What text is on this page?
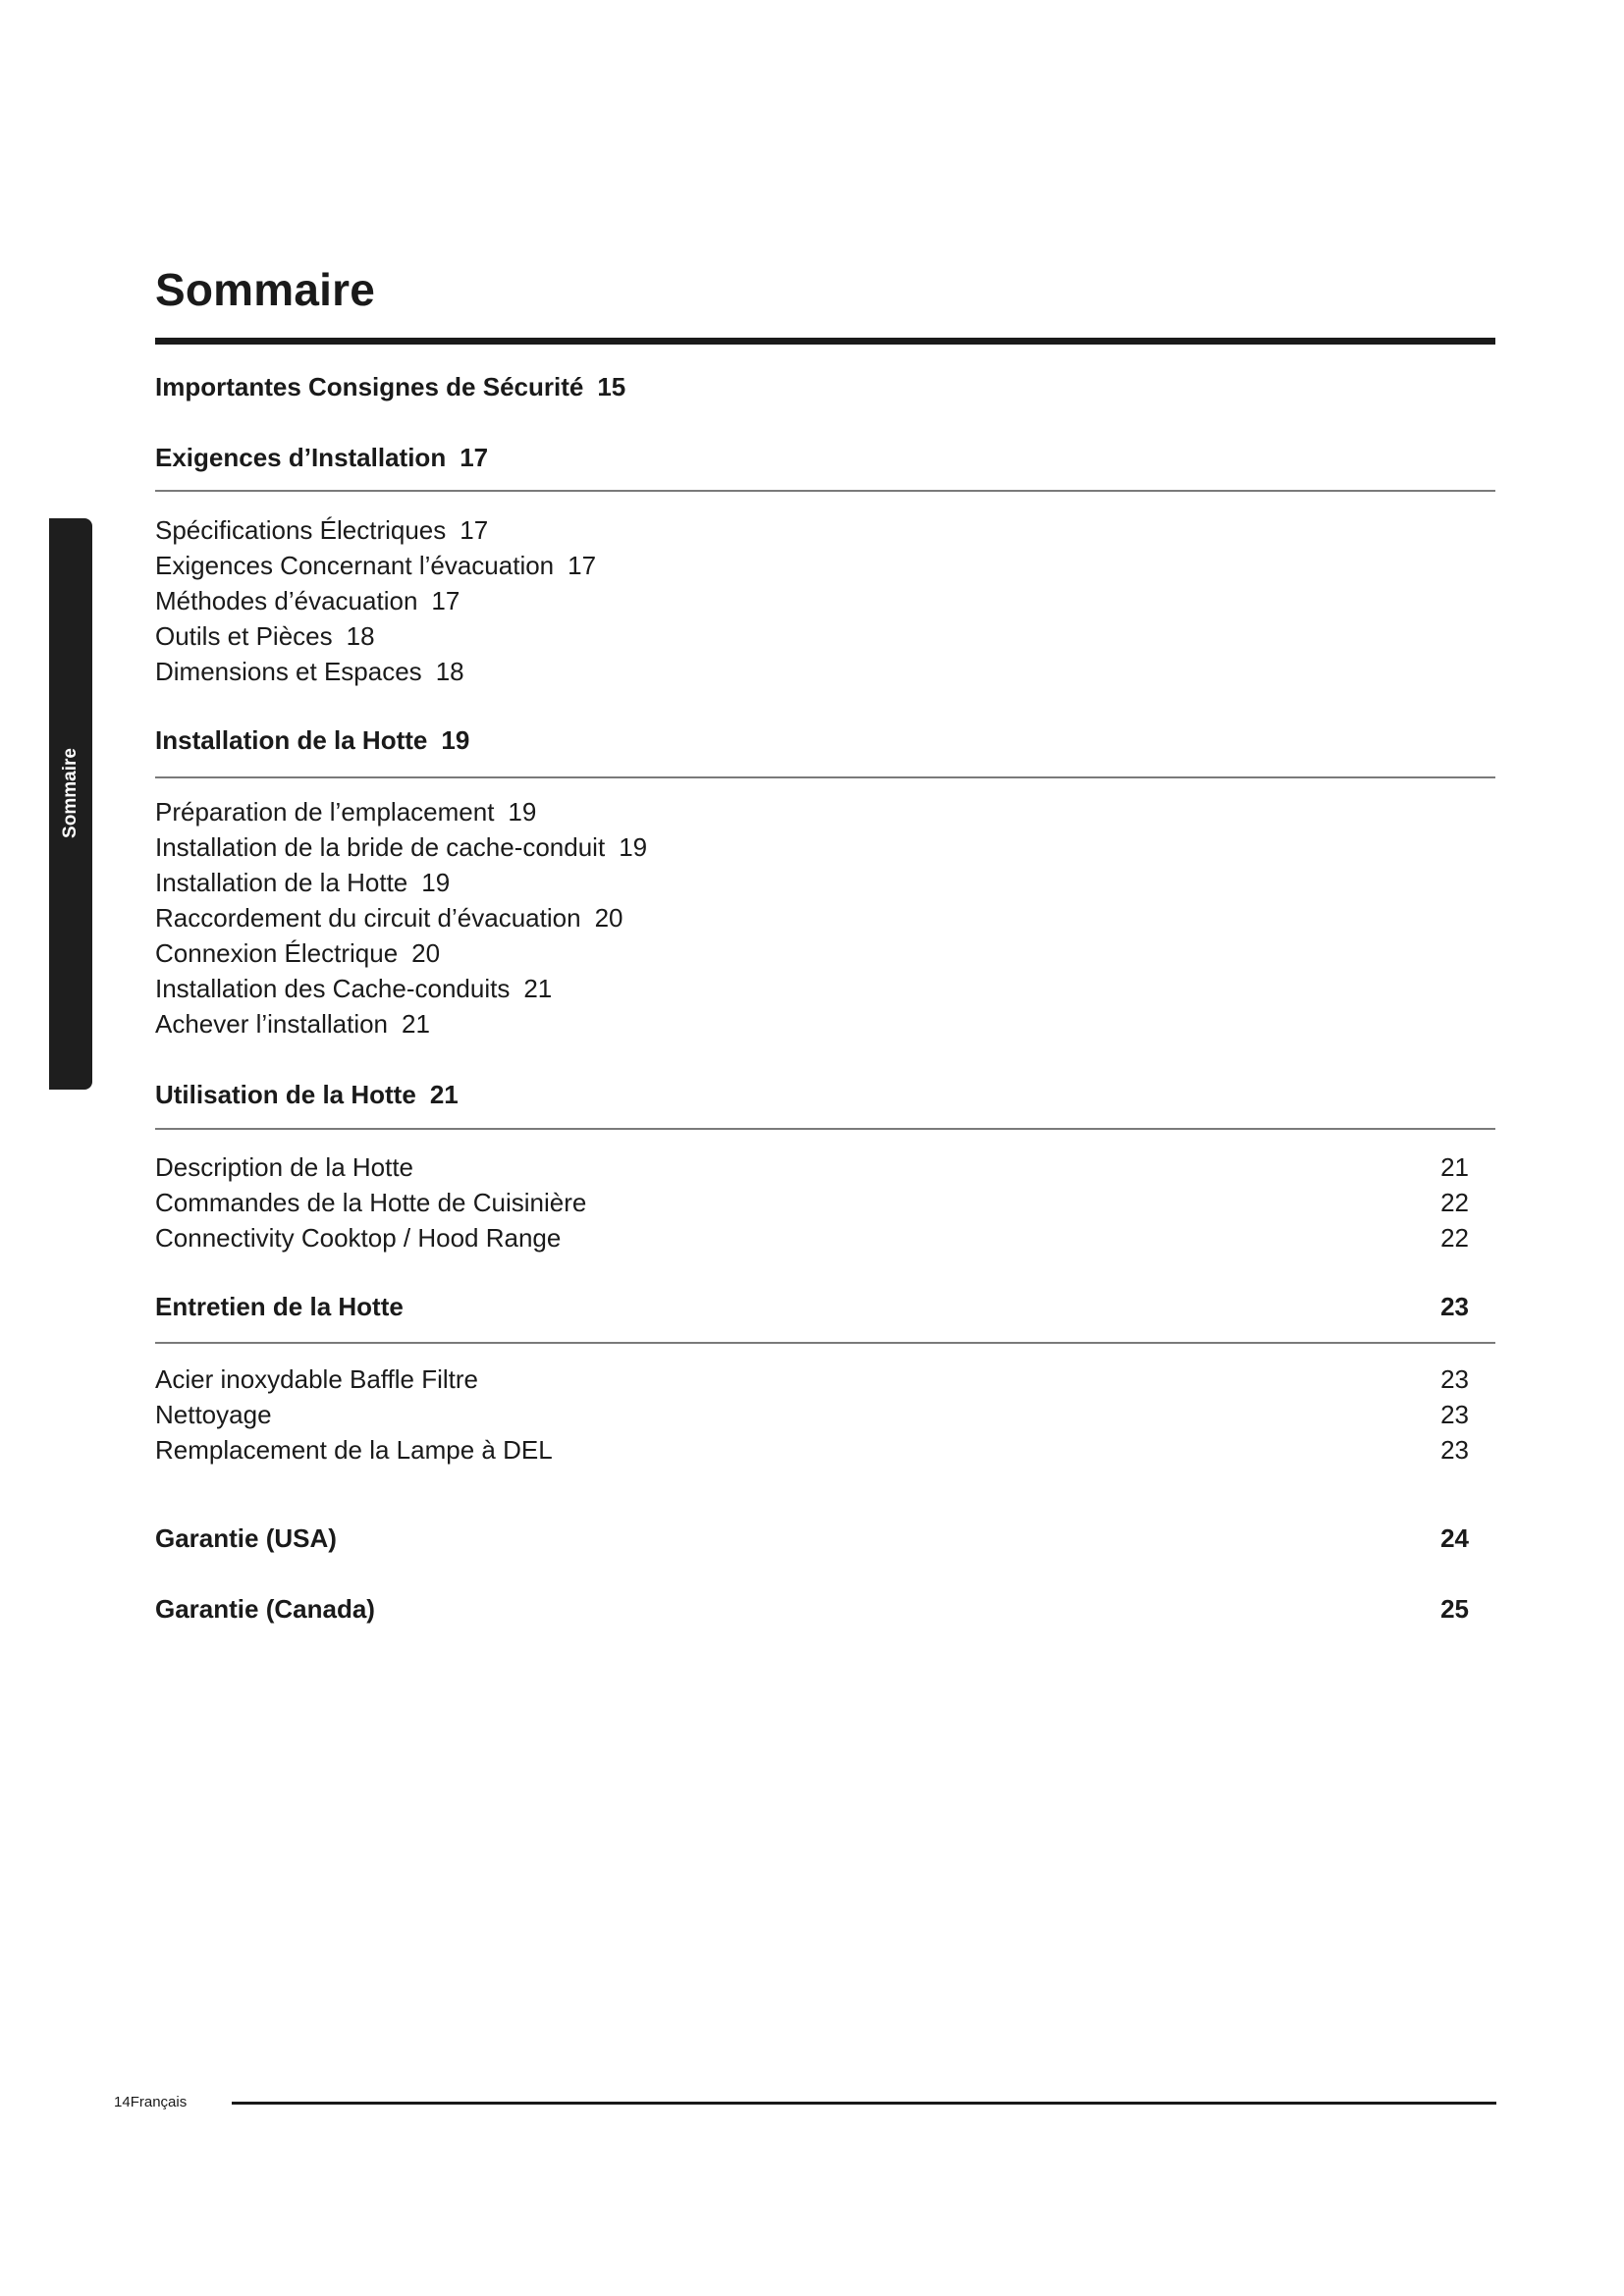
Sommaire
Sommaire
Importantes Consignes de Sécurité 15
Exigences d’Installation 17
Spécifications Électriques 17
Exigences Concernant l’évacuation 17
Méthodes d’évacuation 17
Outils et Pièces 18
Dimensions et Espaces 18
Installation de la Hotte 19
Préparation de l’emplacement 19
Installation de la bride de cache-conduit 19
Installation de la Hotte 19
Raccordement du circuit d’évacuation 20
Connexion Électrique 20
Installation des Cache-conduits 21
Achever l’installation 21
Utilisation de la Hotte 21
Description de la Hotte	21
Commandes de la Hotte de Cuisinière	22
Connectivity Cooktop / Hood Range	22
Entretien de la Hotte	23
Acier inoxydable Baffle Filtre	23
Nettoyage	23
Remplacement de la Lampe à DEL	23
Garantie (USA)	24
Garantie (Canada)	25
14Français
